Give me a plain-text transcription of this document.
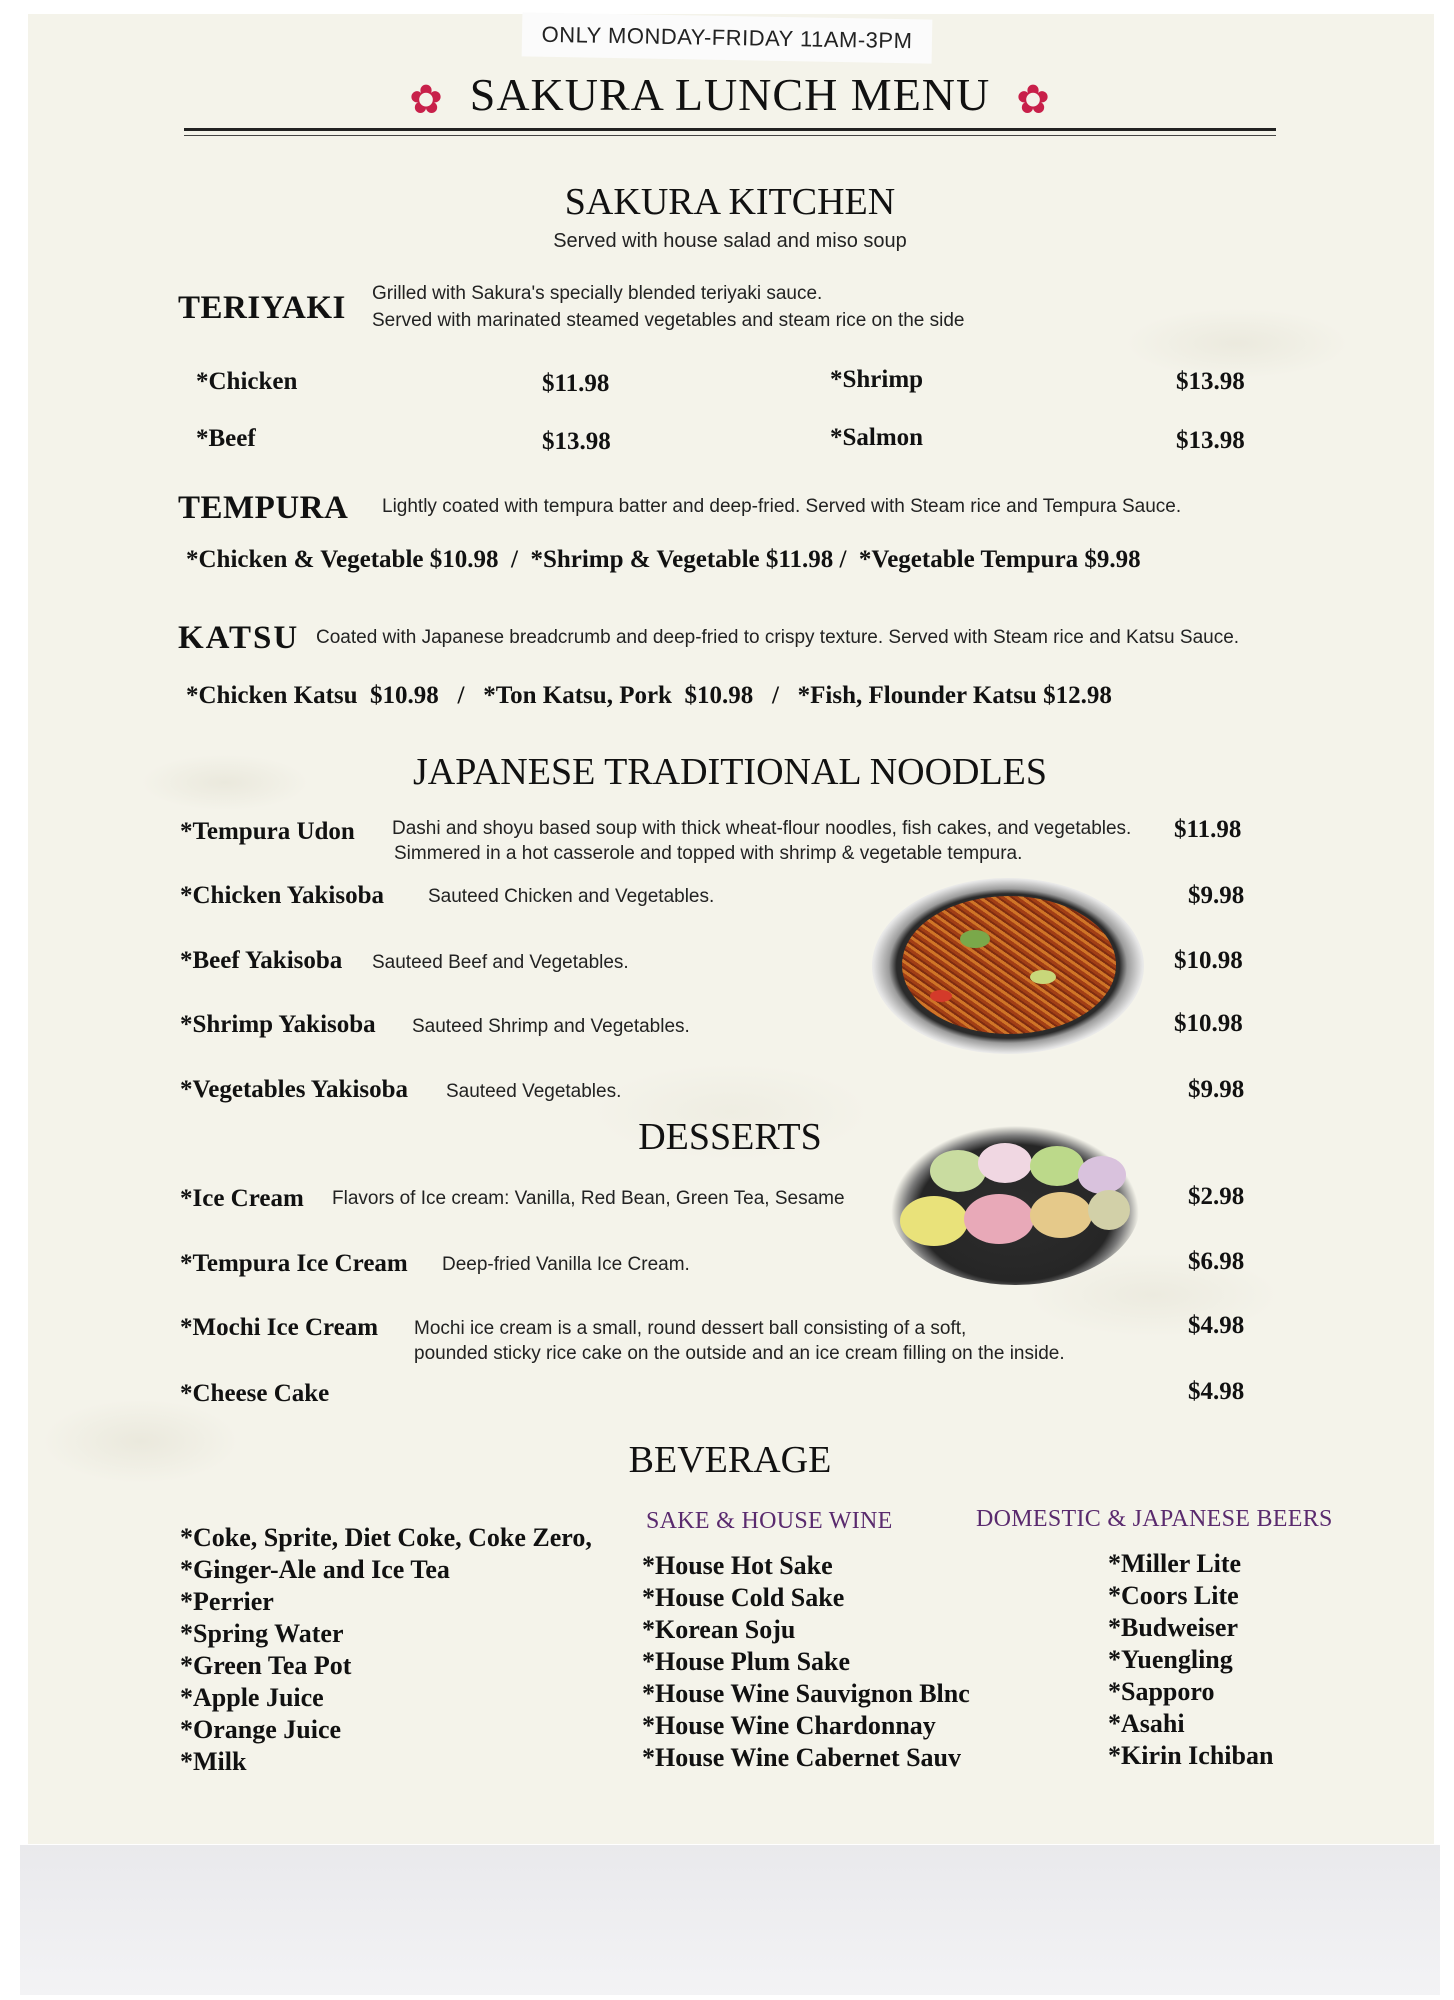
ONLY MONDAY-FRIDAY 11AM-3PM
✿ SAKURA LUNCH MENU ✿
SAKURA KITCHEN
Served with house salad and miso soup
TERIYAKI Grilled with Sakura's specially blended teriyaki sauce.
Served with marinated steamed vegetables and steam rice on the side
*Chicken	$11.98	*Shrimp	$13.98
*Beef	$13.98	*Salmon	$13.98
TEMPURA Lightly coated with tempura batter and deep-fried. Served with Steam rice and Tempura Sauce.
*Chicken & Vegetable $10.98  /  *Shrimp & Vegetable $11.98 /  *Vegetable Tempura $9.98
KATSU Coated with Japanese breadcrumb and deep-fried to crispy texture. Served with Steam rice and Katsu Sauce.
*Chicken Katsu  $10.98   /   *Ton Katsu, Pork  $10.98   /   *Fish, Flounder Katsu $12.98
JAPANESE TRADITIONAL NOODLES
*Tempura Udon Dashi and shoyu based soup with thick wheat-flour noodles, fish cakes, and vegetables.
Simmered in a hot casserole and topped with shrimp & vegetable tempura.
$11.98
*Chicken Yakisoba Sauteed Chicken and Vegetables.	$9.98
*Beef Yakisoba Sauteed Beef and Vegetables.	$10.98
*Shrimp Yakisoba Sauteed Shrimp and Vegetables.	$10.98
*Vegetables Yakisoba Sauteed Vegetables.	$9.98
DESSERTS
*Ice Cream Flavors of Ice cream: Vanilla, Red Bean, Green Tea, Sesame	$2.98
*Tempura Ice Cream Deep-fried Vanilla Ice Cream.	$6.98
*Mochi Ice Cream Mochi ice cream is a small, round dessert ball consisting of a soft,
pounded sticky rice cake on the outside and an ice cream filling on the inside.
$4.98
*Cheese Cake	$4.98
BEVERAGE
SAKE & HOUSE WINE	DOMESTIC & JAPANESE BEERS
*Coke, Sprite, Diet Coke, Coke Zero,
*Ginger-Ale and Ice Tea
*Perrier
*Spring Water
*Green Tea Pot
*Apple Juice
*Orange Juice
*Milk
*House Hot Sake
*House Cold Sake
*Korean Soju
*House Plum Sake
*House Wine Sauvignon Blnc
*House Wine Chardonnay
*House Wine Cabernet Sauv
*Miller Lite
*Coors Lite
*Budweiser
*Yuengling
*Sapporo
*Asahi
*Kirin Ichiban
